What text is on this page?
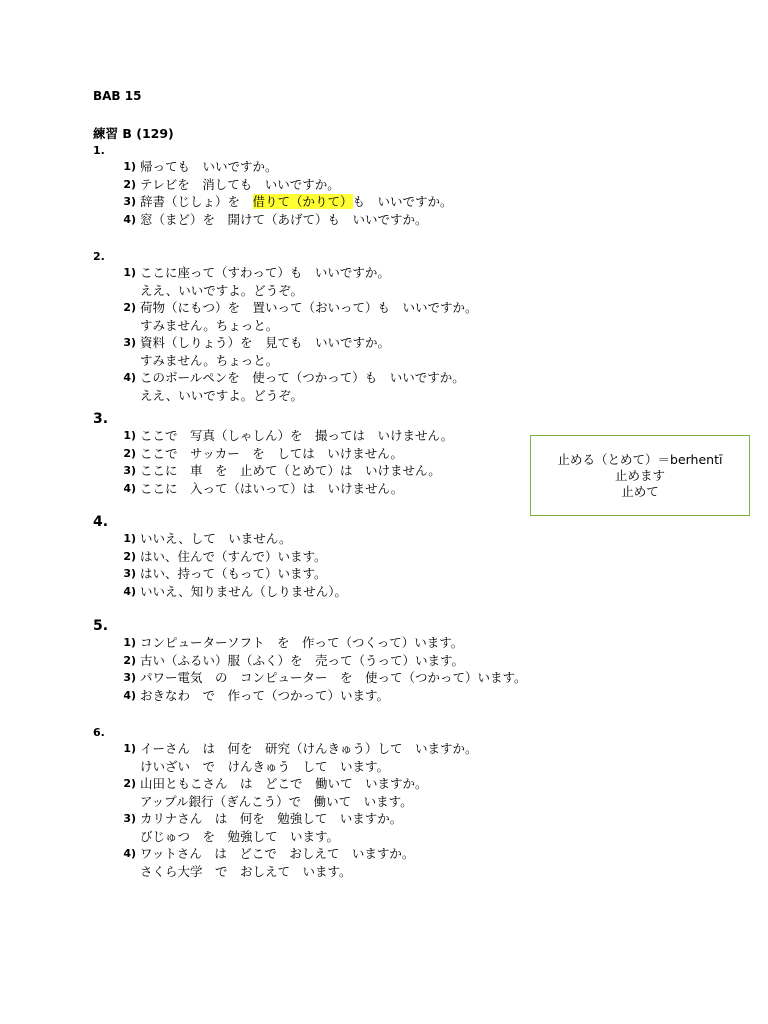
BAB 15
練習 B (129)
1.
1) 帰っても　いいですか。
2) テレビを　消しても　いいですか。
3) 辞書（じしょ）を　借りて（かりて）も　いいですか。
4) 窓（まど）を　開けて（あげて）も　いいですか。
2.
1) ここに座って（すわって）も　いいですか。
ええ、いいですよ。どうぞ。
2) 荷物（にもつ）を　置いって（おいって）も　いいですか。
すみません。ちょっと。
3) 資料（しりょう）を　見ても　いいですか。
すみません。ちょっと。
4) このボールペンを　使って（つかって）も　いいですか。
ええ、いいですよ。どうぞ。
3.
1) ここで　写真（しゃしん）を　撮っては　いけません。
2) ここで　サッカー　を　しては　いけません。
3) ここに　車　を　止めて（とめて）は　いけません。
4) ここに　入って（はいって）は　いけません。
4.
1) いいえ、して　いません。
2) はい、住んで（すんで）います。
3) はい、持って（もって）います。
4) いいえ、知りません（しりません）。
5.
1) コンピューターソフト　を　作って（つくって）います。
2) 古い（ふるい）服（ふく）を　売って（うって）います。
3) パワー電気　の　コンピューター　を　使って（つかって）います。
4) おきなわ　で　作って（つかって）います。
6.
1) イーさん　は　何を　研究（けんきゅう）して　いますか。
けいざい　で　けんきゅう　して　います。
2) 山田ともこさん　は　どこで　働いて　いますか。
アップル銀行（ぎんこう）で　働いて　います。
3) カリナさん　は　何を　勉強して　いますか。
びじゅつ　を　勉強して　います。
4) ワットさん　は　どこで　おしえて　いますか。
さくら大学　で　おしえて　います。
止める（とめて）＝berhentī
止めます
止めて
